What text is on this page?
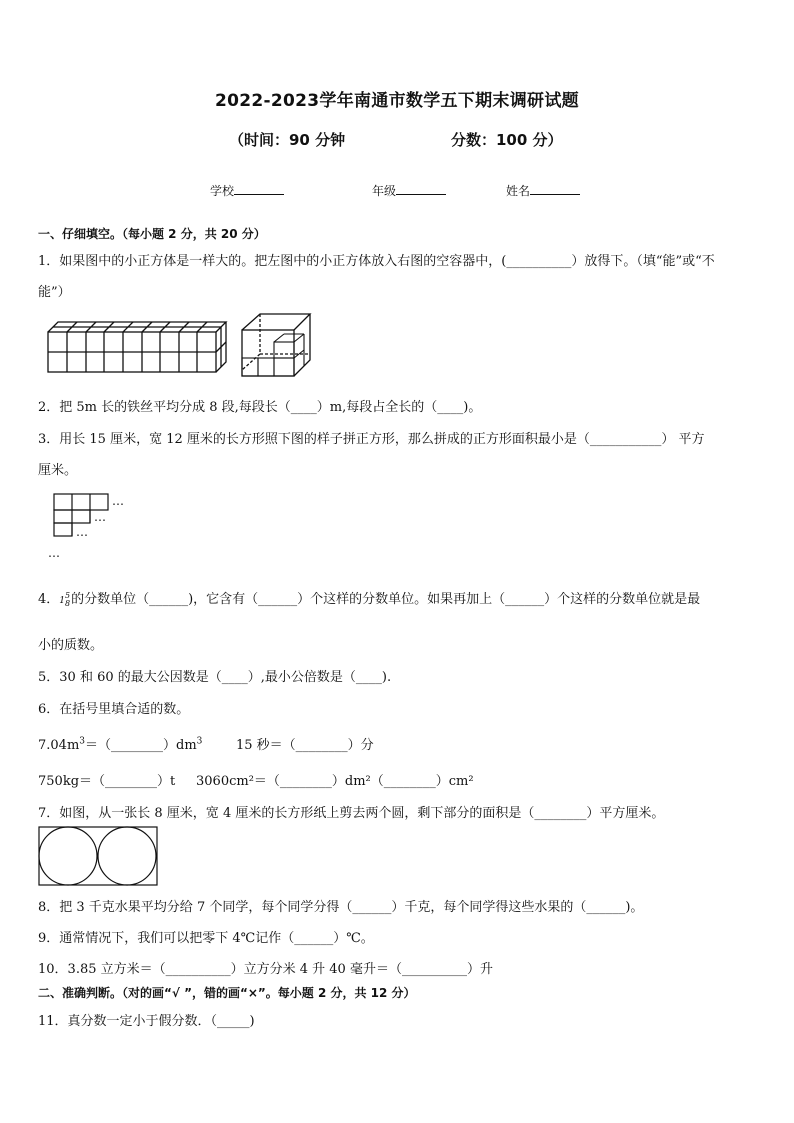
2022-2023学年南通市数学五下期末调研试题
（时间：90 分钟	分数：100 分）
学校	年级	姓名
一、仔细填空。（每小题 2 分，共 20 分）
1．如果图中的小正方体是一样大的。把左图中的小正方体放入右图的空容器中，(__________）放得下。（填“能”或“不
能”）
2．把 5m 长的铁丝平均分成 8 段,每段长（____）m,每段占全长的（____)。
3．用长 15 厘米，宽 12 厘米的长方形照下图的样子拼正方形，那么拼成的正方形面积最小是（___________） 平方
厘米。
…
…
…
…
4．15
8的分数单位（______)，它含有（______）个这样的分数单位。如果再加上（______）个这样的分数单位就是最
小的质数。
5．30 和 60 的最大公因数是（____）,最小公倍数是（____).
6．在括号里填合适的数。
$7.04m^3=(\_\_\_\_\_\_\_\_)dm^3$	15 秒＝（________）分
750kg＝（________）t 3060cm²＝（________）dm²（________）cm²
7．如图，从一张长 8 厘米，宽 4 厘米的长方形纸上剪去两个圆，剩下部分的面积是（________）平方厘米。
8．把 3 千克水果平均分给 7 个同学，每个同学分得（______）千克，每个同学得这些水果的（______)。
9．通常情况下，我们可以把零下 4℃记作（______）℃。
10．3.85 立方米＝（__________）立方分米 4 升 40 毫升＝（__________）升
二、准确判断。（对的画“√ ”，错的画“×”。每小题 2 分，共 12 分）
11．真分数一定小于假分数．（_____)
